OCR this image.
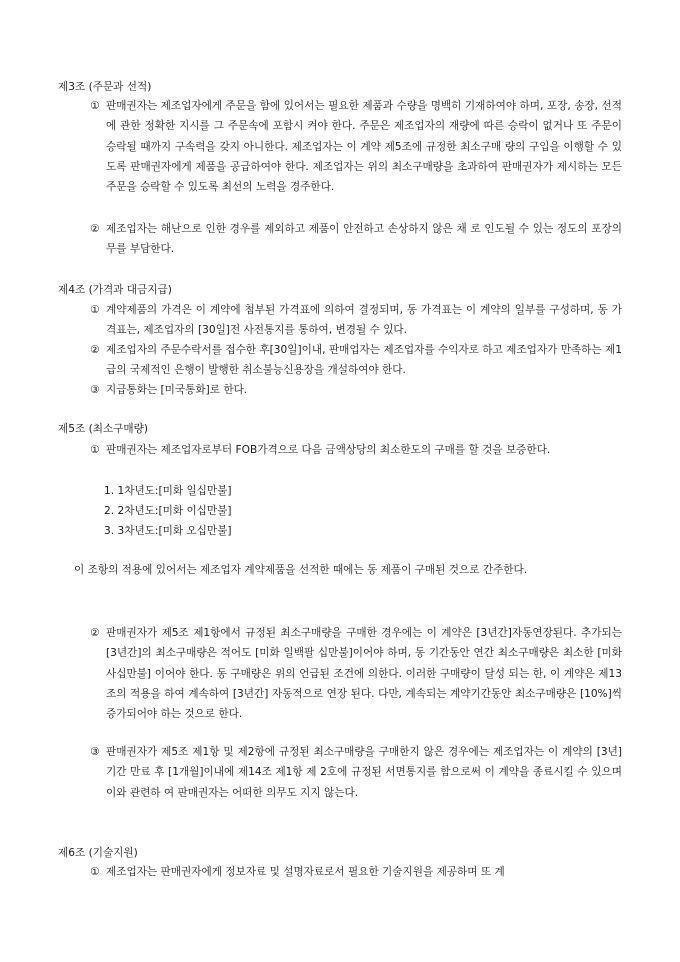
제3조 (주문과 선적)
① 판매권자는 제조업자에게 주문을 함에 있어서는 필요한 제품과 수량을 명백히 기재하여야 하며, 포장, 송장, 선적에 관한 정확한 지시를 그 주문속에 포함시 켜야 한다. 주문은 제조업자의 재량에 따른 승락이 없거나 또 주문이 승락될 때까지 구속력을 갖지 아니한다. 제조업자는 이 계약 제5조에 규정한 최소구매 량의 구입을 이행할 수 있도록 판매권자에게 제품을 공급하여야 한다. 제조업자는 위의 최소구매량을 초과하여 판매권자가 제시하는 모든 주문을 승락할 수 있도록 최선의 노력을 경주한다.
② 제조업자는 해난으로 인한 경우를 제외하고 제품이 안전하고 손상하지 않은 채 로 인도될 수 있는 정도의 포장의무를 부담한다.
제4조 (가격과 대금지급)
① 계약제품의 가격은 이 계약에 첨부된 가격표에 의하여 결정되며, 동 가격표는 이 계약의 일부를 구성하며, 동 가격표는, 제조업자의 [30일]전 사전통지를 통하여, 변경될 수 있다.
② 제조업자의 주문수락서를 접수한 후[30일]이내, 판매업자는 제조업자를 수익자로 하고 제조업자가 만족하는 제1급의 국제적인 은행이 발행한 취소불능신용장을 개설하여야 한다.
③ 지급통화는 [미국통화]로 한다.
제5조 (최소구매량)
① 판매권자는 제조업자로부터 FOB가격으로 다음 금액상당의 최소한도의 구매를 할 것을 보증한다.
1. 1차년도:[미화 일십만불]
2. 2차년도:[미화 이십만불]
3. 3차년도:[미화 오십만불]
이 조항의 적용에 있어서는 제조업자 계약제품을 선적한 때에는 동 제품이 구매된 것으로 간주한다.
② 판매권자가 제5조 제1항에서 규정된 최소구매량을 구매한 경우에는 이 계약은 [3년간]자동연장된다. 추가되는 [3년간]의 최소구매량은 적어도 [미화 일백팔 십만불]이어야 하며, 동 기간동안 연간 최소구매량은 최소한 [미화 사십만불] 이어야 한다. 동 구매량은 위의 언급된 조건에 의한다. 이러한 구매량이 달성 되는 한, 이 계약은 제13조의 적용을 하여 계속하여 [3년간] 자동적으로 연장 된다. 다만, 계속되는 계약기간동안 최소구매량은 [10%]씩 증가되어야 하는 것으로 한다.
③ 판매권자가 제5조 제1항 및 제2항에 규정된 최소구매량을 구매한지 않은 경우에는 제조업자는 이 계약의 [3년]기간 만료 후 [1개월]이내에 제14조 제1항 제 2호에 규정된 서면통지를 함으로써 이 계약을 종료시킬 수 있으며 이와 관련하 여 판매권자는 어떠한 의무도 지지 않는다.
제6조 (기술지원)
① 제조업자는 판매권자에게 정보자료 및 설명자료로서 필요한 기술지원을 제공하며 또 계
